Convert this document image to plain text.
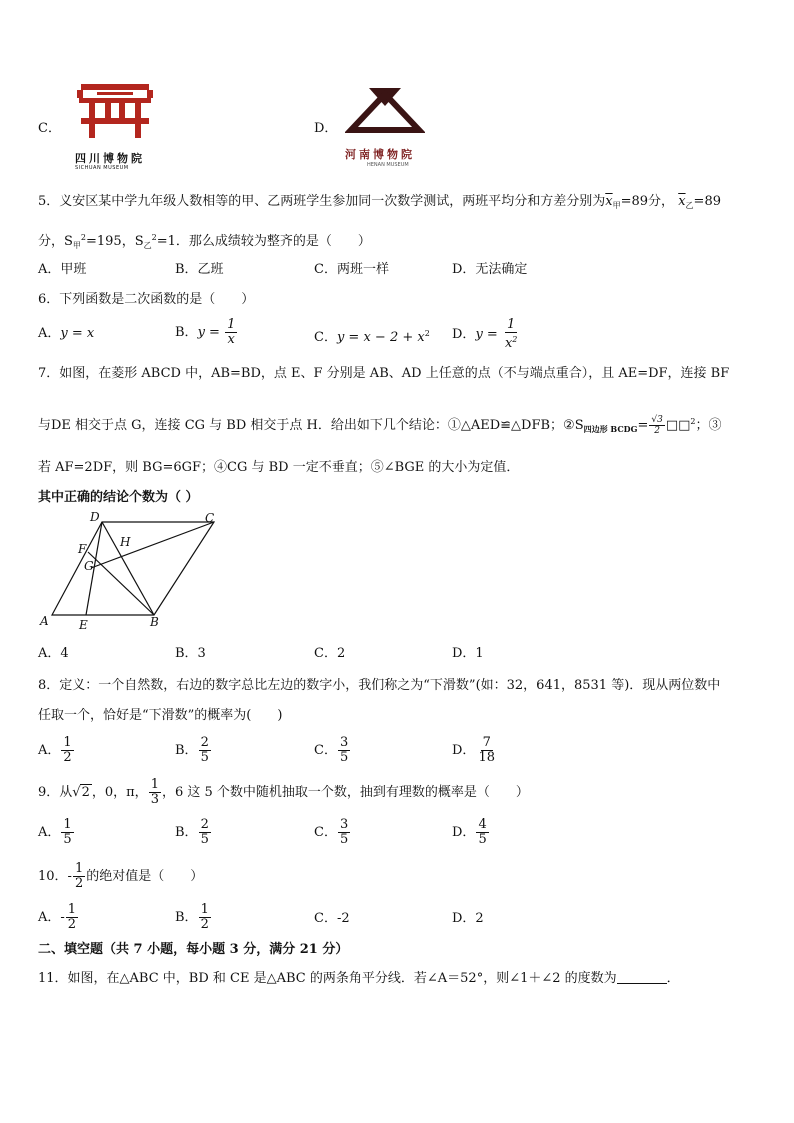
C．
四川博物院
SICHUAN MUSEUM
D．
河南博物院
HENAN MUSEUM
5．义安区某中学九年级人数相等的甲、乙两班学生参加同一次数学测试，两班平均分和方差分别为$\overline{x}_甲=89$分， $\overline{x}_乙=89$
分，$S_甲^2=195$，$S_乙^2=1$．那么成绩较为整齐的是（　　）
A．甲班	B．乙班	C．两班一样	D．无法确定
6．下列函数是二次函数的是（　　）
A．y = x	B．$y = \frac{1}{x}$	C．$y = x - 2 + x^2$ D．$y = \frac{1}{x^2}$
7．如图，在菱形 ABCD 中，AB=BD，点 E、F 分别是 AB、AD 上任意的点（不与端点重合），且 AE=DF，连接 BF
与DE 相交于点 G，连接 CG 与 BD 相交于点 H．给出如下几个结论：①△AED≌△DFB；$②S_{四边形 BCDG}= \frac{√3}{2}$ □□$^2$；③
若 AF=2DF，则 BG=6GF；④CG 与 BD 一定不垂直；⑤∠BGE 的大小为定值．
其中正确的结论个数为（ ）
D	C
A	B
E
F
G
H
A．4	B．3	C．2	D．1
8．定义：一个自然数，右边的数字总比左边的数字小，我们称之为“下滑数”(如：32，641，8531 等)．现从两位数中
任取一个，恰好是“下滑数”的概率为(　　)
A． $\frac{1}{2}$	B． $\frac{2}{5}$	C． $\frac{3}{5}$	D． $\frac{7}{18}$
9．从√2 ，0，π， $\frac{1}{3}$ ，6 这 5 个数中随机抽取一个数，抽到有理数的概率是（　　）
A． $\frac{1}{5}$	B． $\frac{2}{5}$	C． $\frac{3}{5}$	D． $\frac{4}{5}$
10．- $\frac{1}{2}$ 的绝对值是（　　）
A．- $\frac{1}{2}$	B． $\frac{1}{2}$	C．-2	D．2
二、填空题（共 7 小题，每小题 3 分，满分 21 分）
11．如图，在△ABC 中，BD 和 CE 是△ABC 的两条角平分线．若∠A＝52°，则∠1＋∠2 的度数为	．
